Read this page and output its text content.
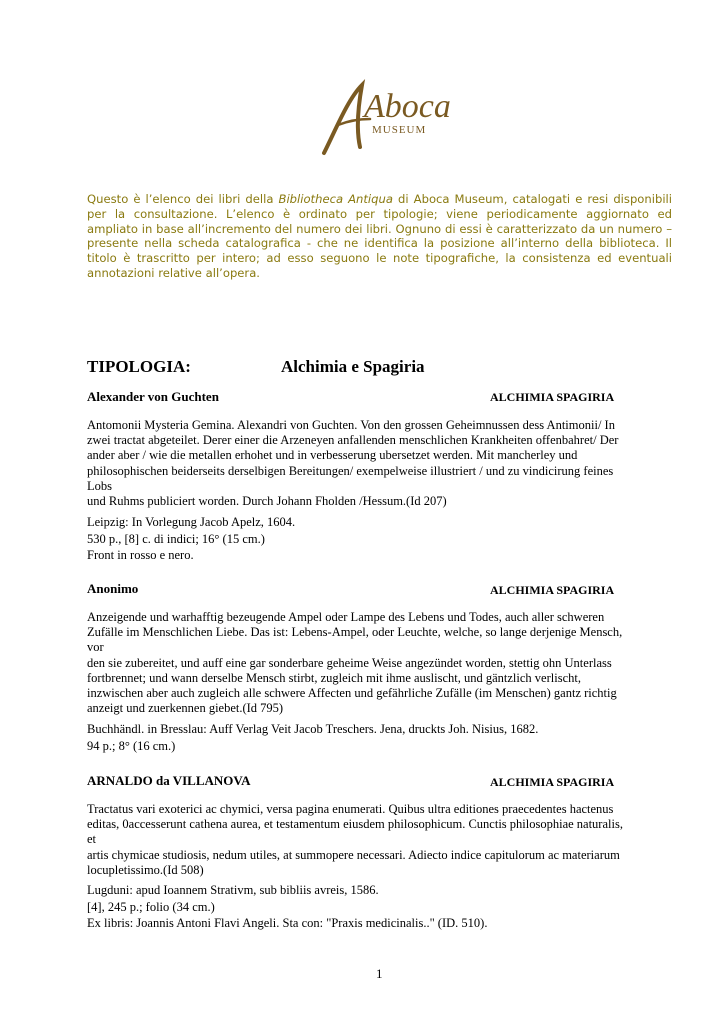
Aboca
MUSEUM

Questo è l’elenco dei libri della Bibliotheca Antiqua di Aboca Museum, catalogati e resi disponibili per la consultazione. L’elenco è ordinato per tipologie; viene periodicamente aggiornato ed ampliato in base all’incremento del numero dei libri. Ognuno di essi è caratterizzato da un numero – presente nella scheda catalografica - che ne identifica la posizione all’interno della biblioteca. Il titolo è trascritto per intero; ad esso seguono le note tipografiche, la consistenza ed eventuali annotazioni relative all’opera.

TIPOLOGIA:	Alchimia e Spagiria
Alexander von Guchten	ALCHIMIA SPAGIRIA
Antomonii Mysteria Gemina. Alexandri von Guchten. Von den grossen Geheimnussen dess Antimonii/ In
zwei tractat abgeteilet. Derer einer die Arzeneyen anfallenden menschlichen Krankheiten offenbahret/ Der
ander aber / wie die metallen erhohet und in verbesserung ubersetzet werden. Mit mancherley und
philosophischen beiderseits derselbigen Bereitungen/ exempelweise illustriert / und zu vindicirung feines
Lobs
und Ruhms publiciert worden. Durch Johann Fholden /Hessum.(Id 207)
Leipzig: In Vorlegung Jacob Apelz, 1604.
530 p., [8] c. di indici; 16° (15 cm.)
Front in rosso e nero.
Anonimo	ALCHIMIA SPAGIRIA
Anzeigende und warhafftig bezeugende Ampel oder Lampe des Lebens und Todes, auch aller schweren
Zufälle im Menschlichen Liebe. Das ist: Lebens-Ampel, oder Leuchte, welche, so lange derjenige Mensch,
vor
den sie zubereitet, und auff eine gar sonderbare geheime Weise angezündet worden, stettig ohn Unterlass
fortbrennet; und wann derselbe Mensch stirbt, zugleich mit ihme auslischt, und gäntzlich verlischt,
inzwischen aber auch zugleich alle schwere Affecten und gefährliche Zufälle (im Menschen) gantz richtig
anzeigt und zuerkennen giebet.(Id 795)
Buchhändl. in Bresslau: Auff Verlag Veit Jacob Treschers. Jena, druckts Joh. Nisius, 1682.
94 p.; 8° (16 cm.)
ARNALDO da VILLANOVA	ALCHIMIA SPAGIRIA
Tractatus vari exoterici ac chymici, versa pagina enumerati. Quibus ultra editiones praecedentes hactenus
editas, 0accesserunt cathena aurea, et testamentum eiusdem philosophicum. Cunctis philosophiae naturalis,
et
artis chymicae studiosis, nedum utiles, at summopere necessari. Adiecto indice capitulorum ac materiarum
locupletissimo.(Id 508)
Lugduni: apud Ioannem Strativm, sub bibliis avreis, 1586.
[4], 245 p.; folio (34 cm.)
Ex libris: Joannis Antoni Flavi Angeli. Sta con: "Praxis medicinalis.." (ID. 510).
1
